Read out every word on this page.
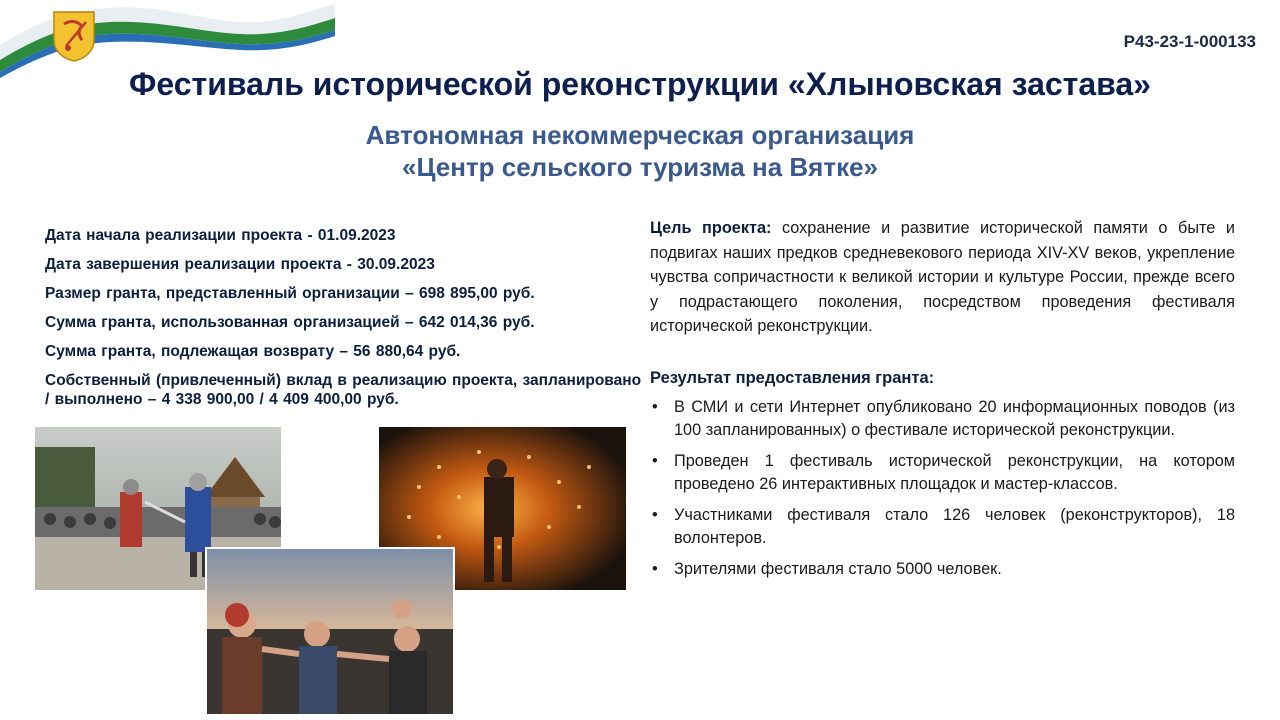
Р43-23-1-000133
Фестиваль исторической реконструкции «Хлыновская застава»
Автономная некоммерческая организация
«Центр сельского туризма на Вятке»

Дата начала реализации проекта - 01.09.2023

Дата завершения реализации проекта - 30.09.2023

Размер гранта, представленный организации – 698 895,00 руб.

Сумма гранта, использованная организацией – 642 014,36 руб.

Сумма гранта, подлежащая возврату – 56 880,64 руб.

Собственный (привлеченный) вклад в реализацию проекта, запланировано / выполнено – 4 338 900,00 / 4 409 400,00 руб.

Цель проекта: сохранение и развитие исторической памяти о быте и подвигах наших предков средневекового периода XIV-XV веков, укрепление чувства сопричастности к великой истории и культуре России, прежде всего у подрастающего поколения, посредством проведения фестиваля исторической реконструкции.
Результат предоставления гранта:
• В СМИ и сети Интернет опубликовано 20 информационных поводов (из 100 запланированных) о фестивале исторической реконструкции.
• Проведен 1 фестиваль исторической реконструкции, на котором проведено 26 интерактивных площадок и мастер-классов.
• Участниками фестиваля стало 126 человек (реконструкторов), 18 волонтеров.
• Зрителями фестиваля стало 5000 человек.
